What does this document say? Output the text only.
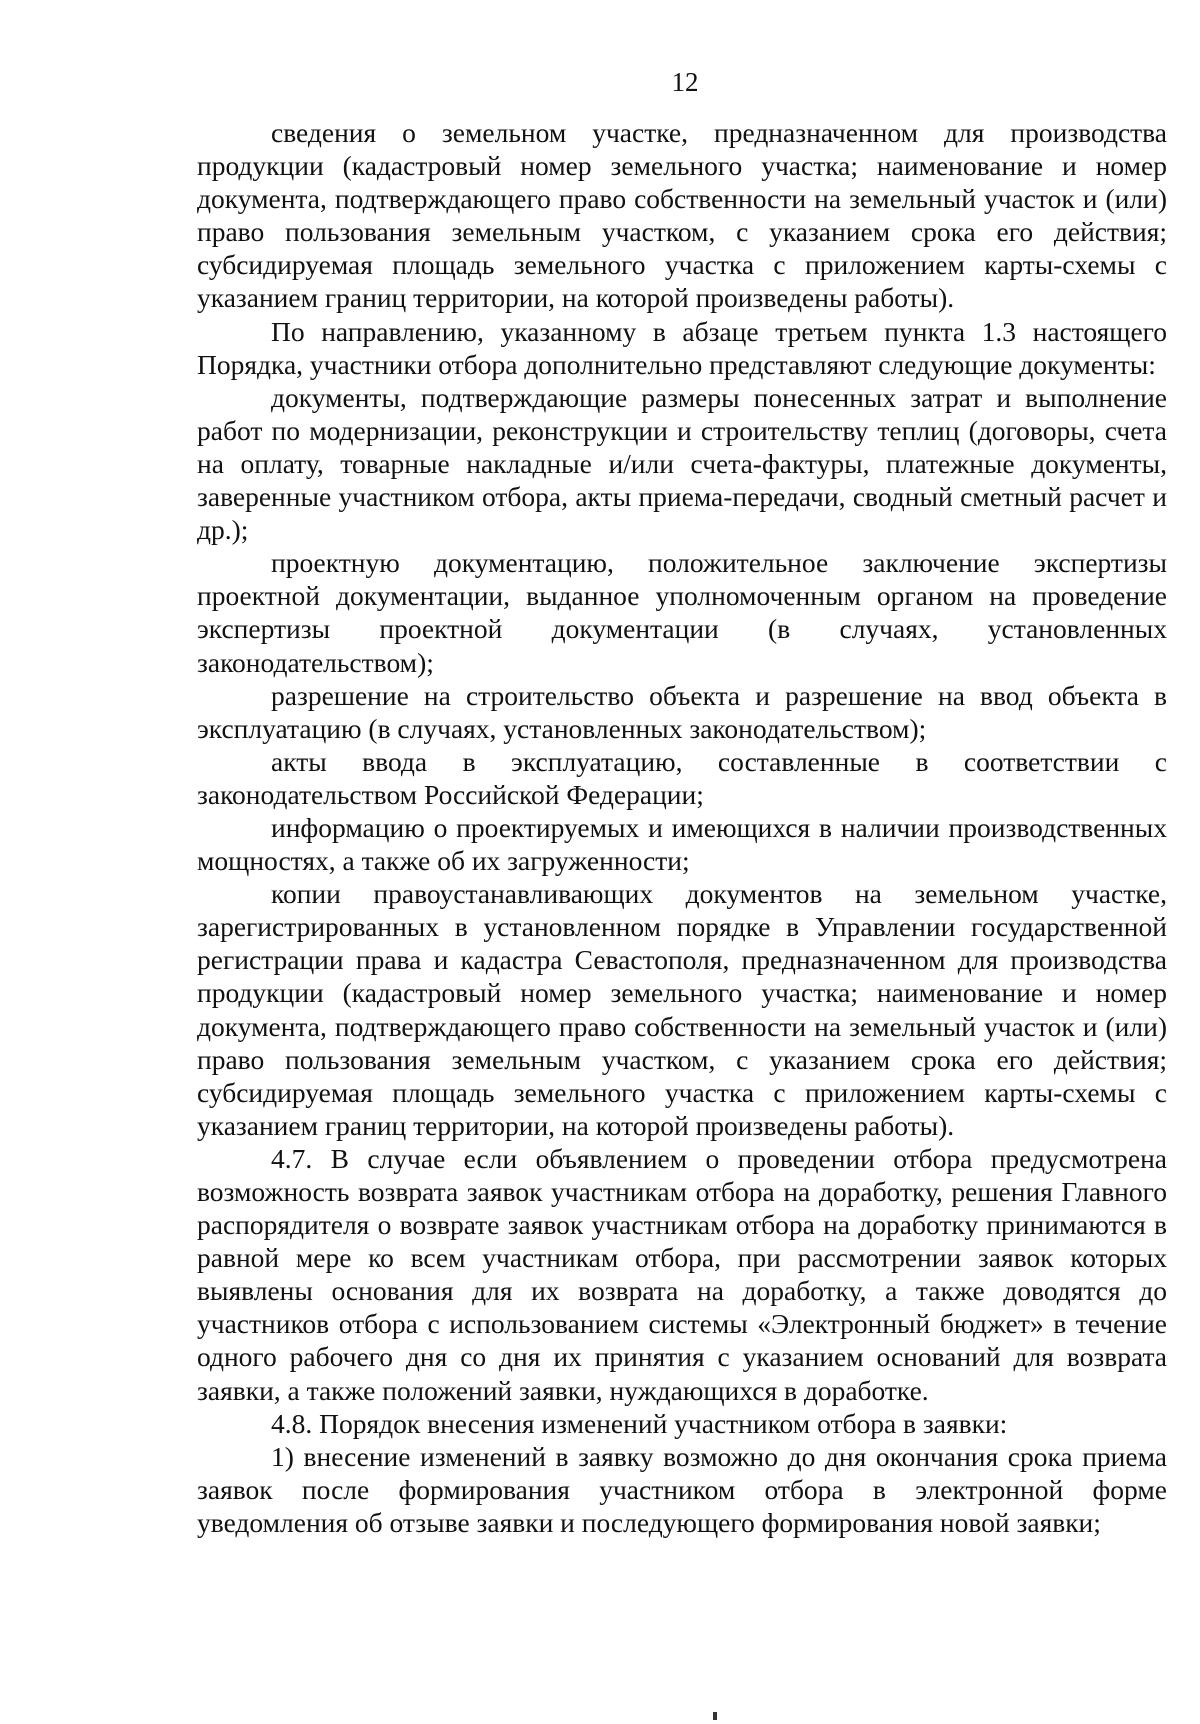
12

сведения о земельном участке, предназначенном для производства продукции (кадастровый номер земельного участка; наименование и номер документа, подтверждающего право собственности на земельный участок и (или) право пользования земельным участком, с указанием срока его действия; субсидируемая площадь земельного участка с приложением карты-схемы с указанием границ территории, на которой произведены работы).

По направлению, указанному в абзаце третьем пункта 1.3 настоящего Порядка, участники отбора дополнительно представляют следующие документы:

документы, подтверждающие размеры понесенных затрат и выполнение работ по модернизации, реконструкции и строительству теплиц (договоры, счета на оплату, товарные накладные и/или счета-фактуры, платежные документы, заверенные участником отбора, акты приема-передачи, сводный сметный расчет и др.);

проектную документацию, положительное заключение экспертизы проектной документации, выданное уполномоченным органом на проведение экспертизы проектной документации (в случаях, установленных законодательством);

разрешение на строительство объекта и разрешение на ввод объекта в эксплуатацию (в случаях, установленных законодательством);

акты ввода в эксплуатацию, составленные в соответствии с законодательством Российской Федерации;

информацию о проектируемых и имеющихся в наличии производственных мощностях, а также об их загруженности;

копии правоустанавливающих документов на земельном участке, зарегистрированных в установленном порядке в Управлении государственной регистрации права и кадастра Севастополя, предназначенном для производства продукции (кадастровый номер земельного участка; наименование и номер документа, подтверждающего право собственности на земельный участок и (или) право пользования земельным участком, с указанием срока его действия; субсидируемая площадь земельного участка с приложением карты-схемы с указанием границ территории, на которой произведены работы).

4.7. В случае если объявлением о проведении отбора предусмотрена возможность возврата заявок участникам отбора на доработку, решения Главного распорядителя о возврате заявок участникам отбора на доработку принимаются в равной мере ко всем участникам отбора, при рассмотрении заявок которых выявлены основания для их возврата на доработку, а также доводятся до участников отбора с использованием системы «Электронный бюджет» в течение одного рабочего дня со дня их принятия с указанием оснований для возврата заявки, а также положений заявки, нуждающихся в доработке.

4.8. Порядок внесения изменений участником отбора в заявки:

1) внесение изменений в заявку возможно до дня окончания срока приема заявок после формирования участником отбора в электронной форме уведомления об отзыве заявки и последующего формирования новой заявки;
